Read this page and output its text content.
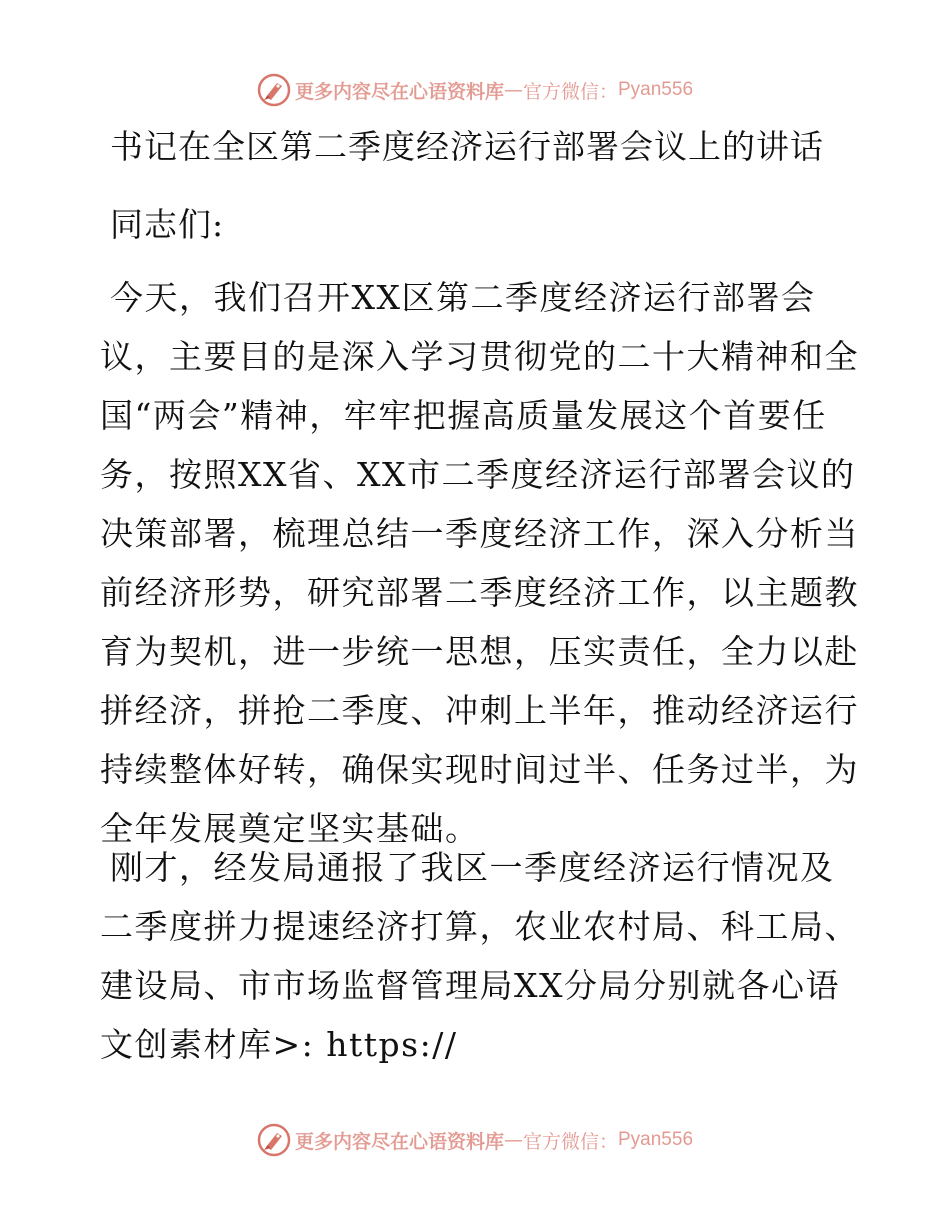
更多内容尽在心语资料库 — 官方微信： Pyan556
书记在全区第二季度经济运行部署会议上的讲话
同志们:

今天，我们召开XX区第二季度经济运行部署会议，主要目的是深入学习贯彻党的二十大精神和全国“两会”精神，牢牢把握高质量发展这个首要任务，按照XX省、XX市二季度经济运行部署会议的决策部署，梳理总结一季度经济工作，深入分析当前经济形势，研究部署二季度经济工作，以主题教育为契机，进一步统一思想，压实责任，全力以赴拼经济，拼抢二季度、冲刺上半年，推动经济运行持续整体好转，确保实现时间过半、任务过半，为全年发展奠定坚实基础。

刚才，经发局通报了我区一季度经济运行情况及二季度拼力提速经济打算，农业农村局、科工局、建设局、市市场监督管理局XX分局分别就各心语文创素材库>: https://

更多内容尽在心语资料库 — 官方微信： Pyan556
